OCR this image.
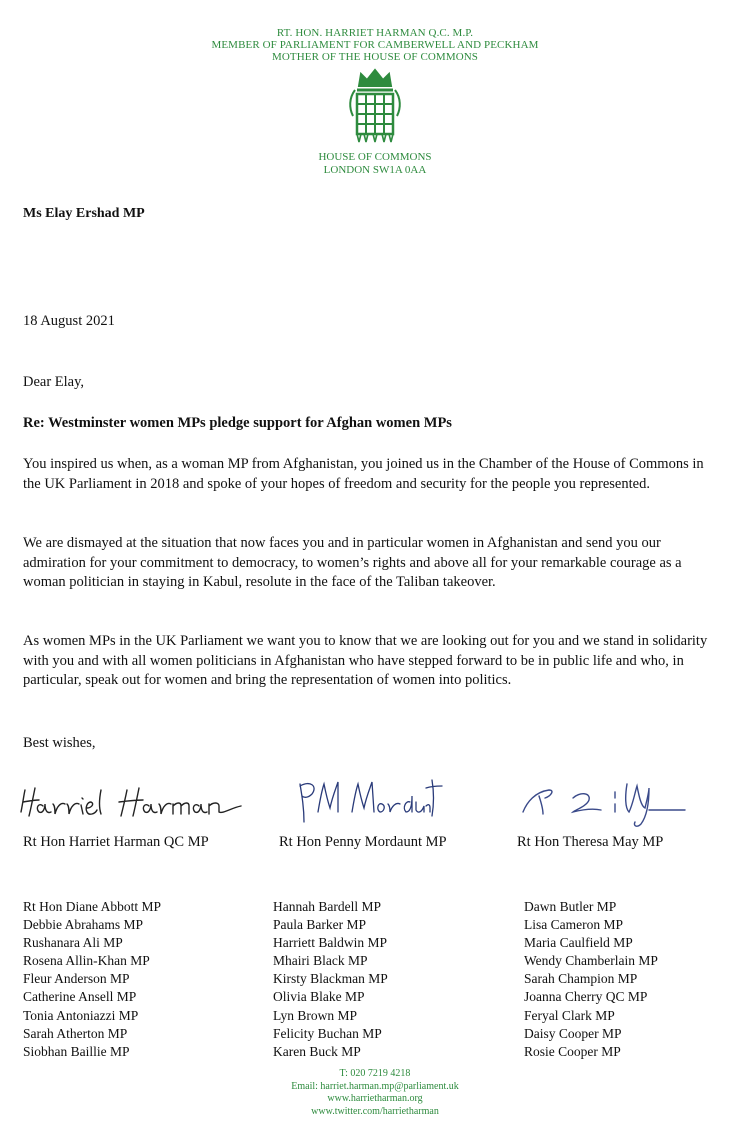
RT. HON. HARRIET HARMAN Q.C. M.P.
MEMBER OF PARLIAMENT FOR CAMBERWELL AND PECKHAM
MOTHER OF THE HOUSE OF COMMONS
HOUSE OF COMMONS
LONDON SW1A 0AA
Ms Elay Ershad MP
18 August 2021
Dear Elay,
Re: Westminster women MPs pledge support for Afghan women MPs
You inspired us when, as a woman MP from Afghanistan, you joined us in the Chamber of the House of Commons in the UK Parliament in 2018 and spoke of your hopes of freedom and security for the people you represented.
We are dismayed at the situation that now faces you and in particular women in Afghanistan and send you our admiration for your commitment to democracy, to women’s rights and above all for your remarkable courage as a woman politician in staying in Kabul, resolute in the face of the Taliban takeover.
As women MPs in the UK Parliament we want you to know that we are looking out for you and we stand in solidarity with you and with all women politicians in Afghanistan who have stepped forward to be in public life and who, in particular, speak out for women and bring the representation of women into politics.
Best wishes,
Rt Hon Harriet Harman QC MP	Rt Hon Penny Mordaunt MP	Rt Hon Theresa May MP
Rt Hon Diane Abbott MP
Debbie Abrahams MP
Rushanara Ali MP
Rosena Allin-Khan MP
Fleur Anderson MP
Catherine Ansell MP
Tonia Antoniazzi MP
Sarah Atherton MP
Siobhan Baillie MP
Hannah Bardell MP
Paula Barker MP
Harriett Baldwin MP
Mhairi Black MP
Kirsty Blackman MP
Olivia Blake MP
Lyn Brown MP
Felicity Buchan MP
Karen Buck MP
Dawn Butler MP
Lisa Cameron MP
Maria Caulfield MP
Wendy Chamberlain MP
Sarah Champion MP
Joanna Cherry QC MP
Feryal Clark MP
Daisy Cooper MP
Rosie Cooper MP
T: 020 7219 4218
Email: harriet.harman.mp@parliament.uk
www.harrietharman.org
www.twitter.com/harrietharman
